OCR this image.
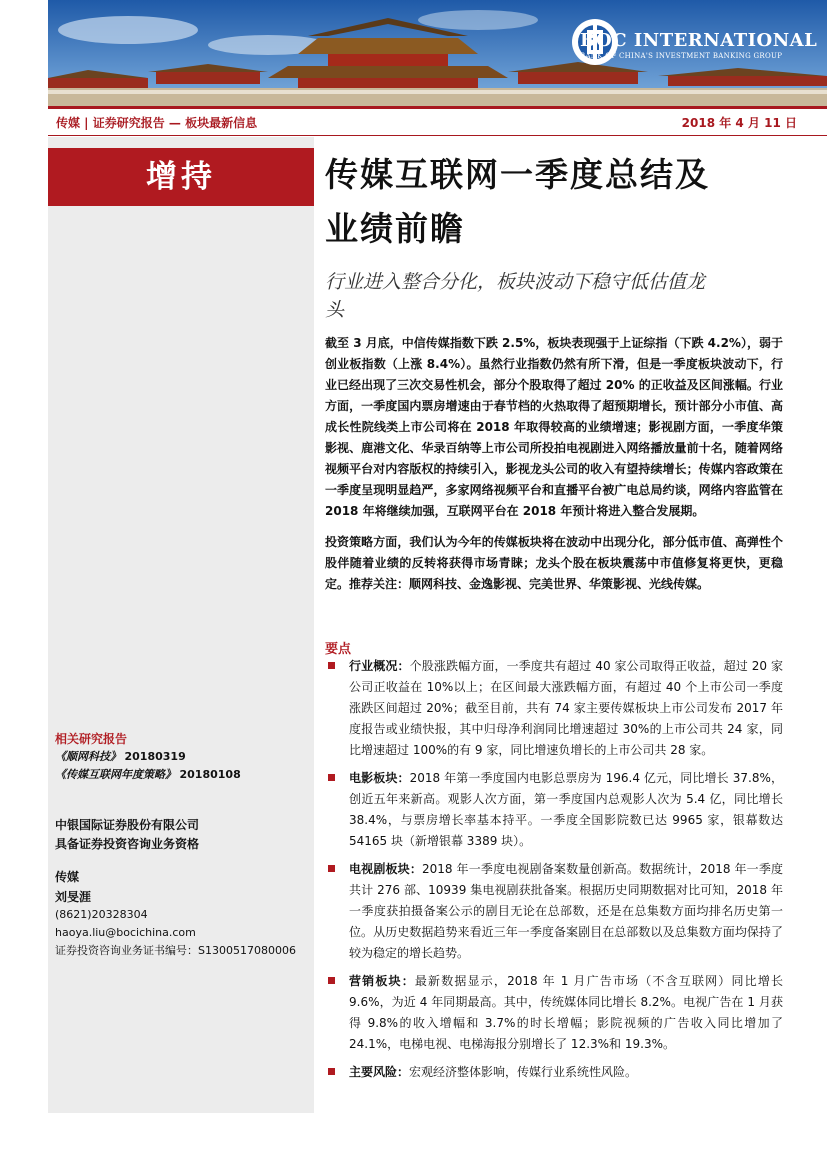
BOC INTERNATIONAL
BANK OF CHINA'S INVESTMENT BANKING GROUP
传媒 | 证券研究报告 — 板块最新信息	2018 年 4 月 11 日
增持	传媒互联网一季度总结及
业绩前瞻
行业进入整合分化，板块波动下稳守低估值龙
头

截至 3 月底，中信传媒指数下跌 2.5%，板块表现强于上证综指（下跌 4.2%），弱于创业板指数（上涨 8.4%）。虽然行业指数仍然有所下滑，但是一季度板块波动下，行业已经出现了三次交易性机会，部分个股取得了超过 20% 的正收益及区间涨幅。行业方面，一季度国内票房增速由于春节档的火热取得了超预期增长，预计部分小市值、高成长性院线类上市公司将在 2018 年取得较高的业绩增速；影视剧方面，一季度华策影视、鹿港文化、华录百纳等上市公司所投拍电视剧进入网络播放量前十名，随着网络视频平台对内容版权的持续引入，影视龙头公司的收入有望持续增长；传媒内容政策在一季度呈现明显趋严，多家网络视频平台和直播平台被广电总局约谈，网络内容监管在 2018 年将继续加强，互联网平台在 2018 年预计将进入整合发展期。

投资策略方面，我们认为今年的传媒板块将在波动中出现分化，部分低市值、高弹性个股伴随着业绩的反转将获得市场青睐；龙头个股在板块震荡中市值修复将更快，更稳定。推荐关注：顺网科技、金逸影视、完美世界、华策影视、光线传媒。

要点
行业概况：个股涨跌幅方面，一季度共有超过 40 家公司取得正收益，超过 20 家公司正收益在 10%以上；在区间最大涨跌幅方面，有超过 40 个上市公司一季度涨跌区间超过 20%；截至目前，共有 74 家主要传媒板块上市公司发布 2017 年度报告或业绩快报，其中归母净利润同比增速超过 30%的上市公司共 24 家，同比增速超过 100%的有 9 家，同比增速负增长的上市公司共 28 家。
电影板块：2018 年第一季度国内电影总票房为 196.4 亿元，同比增长 37.8%，创近五年来新高。观影人次方面，第一季度国内总观影人次为 5.4 亿，同比增长 38.4%，与票房增长率基本持平。一季度全国影院数已达 9965 家，银幕数达 54165 块（新增银幕 3389 块）。
电视剧板块：2018 年一季度电视剧备案数量创新高。数据统计，2018 年一季度共计 276 部、10939 集电视剧获批备案。根据历史同期数据对比可知，2018 年一季度获拍摄备案公示的剧目无论在总部数，还是在总集数方面均排名历史第一位。从历史数据趋势来看近三年一季度备案剧目在总部数以及总集数方面均保持了较为稳定的增长趋势。
营销板块：最新数据显示，2018 年 1 月广告市场（不含互联网）同比增长 9.6%，为近 4 年同期最高。其中，传统媒体同比增长 8.2%。电视广告在 1 月获得 9.8%的收入增幅和 3.7%的时长增幅；影院视频的广告收入同比增加了 24.1%，电梯电视、电梯海报分别增长了 12.3%和 19.3%。
主要风险：宏观经济整体影响，传媒行业系统性风险。
相关研究报告
《顺网科技》 20180319
《传媒互联网年度策略》 20180108
中银国际证券股份有限公司
具备证券投资咨询业务资格
传媒
刘旻涯
(8621)20328304
haoya.liu@bocichina.com
证券投资咨询业务证书编号：S1300517080006
